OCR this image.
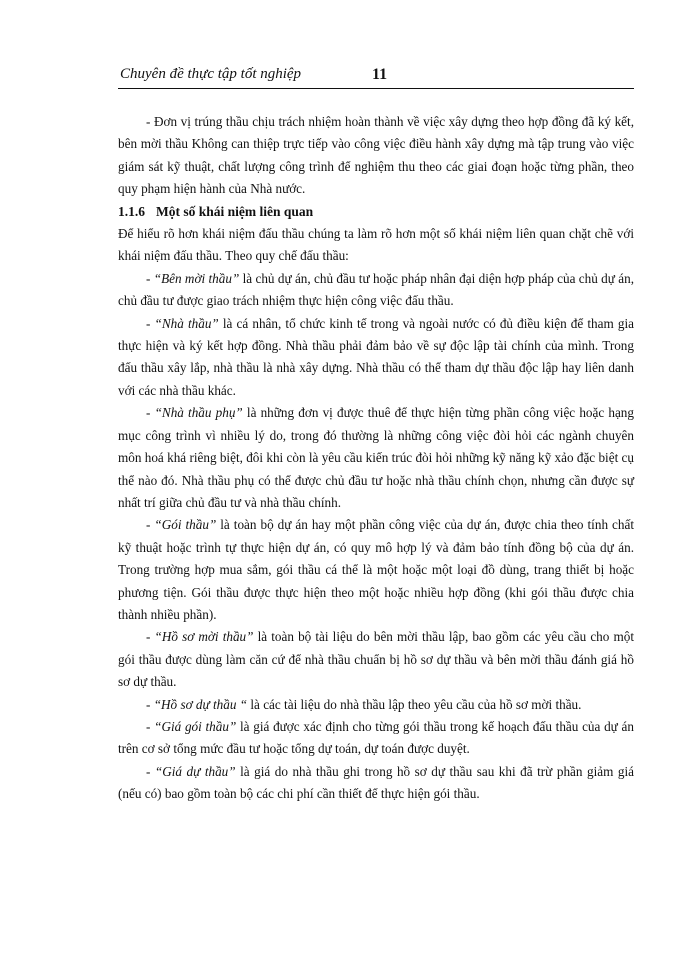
Chuyên đề thực tập tốt nghiệp	11

- Đơn vị trúng thầu chịu trách nhiệm hoàn thành về việc xây dựng theo hợp đồng đã ký kết, bên mời thầu Không can thiệp trực tiếp vào công việc điều hành xây dựng mà tập trung vào việc giám sát kỹ thuật, chất lượng công trình để nghiệm thu theo các giai đoạn hoặc từng phần, theo quy phạm hiện hành của Nhà nước.

1.1.6 Một số khái niệm liên quan

Để hiểu rõ hơn khái niệm đấu thầu chúng ta làm rõ hơn một số khái niệm liên quan chặt chẽ với khái niệm đấu thầu. Theo quy chế đấu thầu:

- “Bên mời thầu” là chủ dự án, chủ đầu tư hoặc pháp nhân đại diện hợp pháp của chủ dự án, chủ đầu tư được giao trách nhiệm thực hiện công việc đấu thầu.

- “Nhà thầu” là cá nhân, tổ chức kinh tế trong và ngoài nước có đủ điều kiện để tham gia thực hiện và ký kết hợp đồng. Nhà thầu phải đảm bảo về sự độc lập tài chính của mình. Trong đấu thầu xây lắp, nhà thầu là nhà xây dựng. Nhà thầu có thể tham dự thầu độc lập hay liên danh với các nhà thầu khác.

- “Nhà thầu phụ” là những đơn vị được thuê để thực hiện từng phần công việc hoặc hạng mục công trình vì nhiều lý do, trong đó thường là những công việc đòi hỏi các ngành chuyên môn hoá khá riêng biệt, đôi khi còn là yêu cầu kiến trúc đòi hỏi những kỹ năng kỹ xảo đặc biệt cụ thể nào đó. Nhà thầu phụ có thể được chủ đầu tư hoặc nhà thầu chính chọn, nhưng cần được sự nhất trí giữa chủ đầu tư và nhà thầu chính.

- “Gói thầu” là toàn bộ dự án hay một phần công việc của dự án, được chia theo tính chất kỹ thuật hoặc trình tự thực hiện dự án, có quy mô hợp lý và đảm bảo tính đồng bộ của dự án. Trong trường hợp mua sắm, gói thầu cá thể là một hoặc một loại đồ dùng, trang thiết bị hoặc phương tiện. Gói thầu được thực hiện theo một hoặc nhiều hợp đồng (khi gói thầu được chia thành nhiều phần).

- “Hồ sơ mời thầu” là toàn bộ tài liệu do bên mời thầu lập, bao gồm các yêu cầu cho một gói thầu được dùng làm căn cứ để nhà thầu chuẩn bị hồ sơ dự thầu và bên mời thầu đánh giá hồ sơ dự thầu.

- “Hồ sơ dự thầu “ là các tài liệu do nhà thầu lập theo yêu cầu của hồ sơ mời thầu.

- “Giá gói thầu” là giá được xác định cho từng gói thầu trong kế hoạch đấu thầu của dự án trên cơ sở tổng mức đầu tư hoặc tổng dự toán, dự toán được duyệt.

- “Giá dự thầu” là giá do nhà thầu ghi trong hồ sơ dự thầu sau khi đã trừ phần giảm giá (nếu có) bao gồm toàn bộ các chi phí cần thiết để thực hiện gói thầu.
